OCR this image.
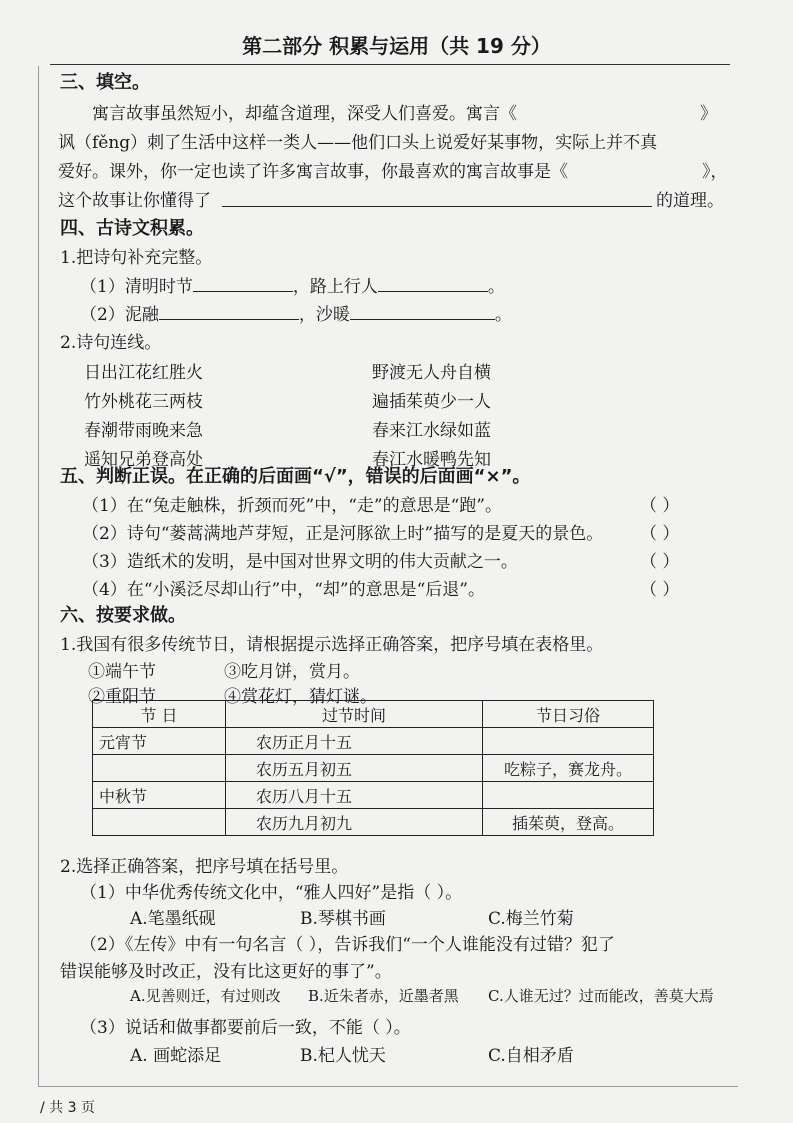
第二部分 积累与运用（共 19 分）
三、填空。
寓言故事虽然短小，却蕴含道理，深受人们喜爱。寓言《	》
讽（fěng）刺了生活中这样一类人——他们口头上说爱好某事物，实际上并不真
爱好。课外，你一定也读了许多寓言故事，你最喜欢的寓言故事是《	》，
这个故事让你懂得了	的道理。
四、古诗文积累。
1.把诗句补充完整。
（1）清明时节	，路上行人	。
（2）泥融	，沙暖	。
2.诗句连线。
日出江花红胜火
竹外桃花三两枝
春潮带雨晚来急
遥知兄弟登高处
野渡无人舟自横
遍插茱萸少一人
春来江水绿如蓝
春江水暖鸭先知
五、判断正误。在正确的后面画“√”，错误的后面画“×”。
（1）在“兔走触株，折颈而死”中，“走”的意思是“跑”。	（ ）
（2）诗句“蒌蒿满地芦芽短，正是河豚欲上时”描写的是夏天的景色。 （ ）
（3）造纸术的发明，是中国对世界文明的伟大贡献之一。	（ ）
（4）在“小溪泛尽却山行”中，“却”的意思是“后退”。	（ ）
六、按要求做。
1.我国有很多传统节日，请根据提示选择正确答案，把序号填在表格里。
①端午节	③吃月饼，赏月。
②重阳节	④赏花灯，猜灯谜。
节 日	过节时间	节日习俗
元宵节	农历正月十五	
	农历五月初五	吃粽子，赛龙舟。
中秋节	农历八月十五	
	农历九月初九	插茱萸，登高。
2.选择正确答案，把序号填在括号里。
（1）中华优秀传统文化中，“雅人四好”是指（ ）。
A.笔墨纸砚	B.琴棋书画	C.梅兰竹菊
（2）《左传》中有一句名言（ ），告诉我们“一个人谁能没有过错？犯了
错误能够及时改正，没有比这更好的事了”。
A.见善则迁，有过则改 B.近朱者赤，近墨者黑 C.人谁无过？过而能改，善莫大焉
（3）说话和做事都要前后一致，不能（ ）。
A. 画蛇添足	B.杞人忧天	C.自相矛盾
/ 共 3 页
